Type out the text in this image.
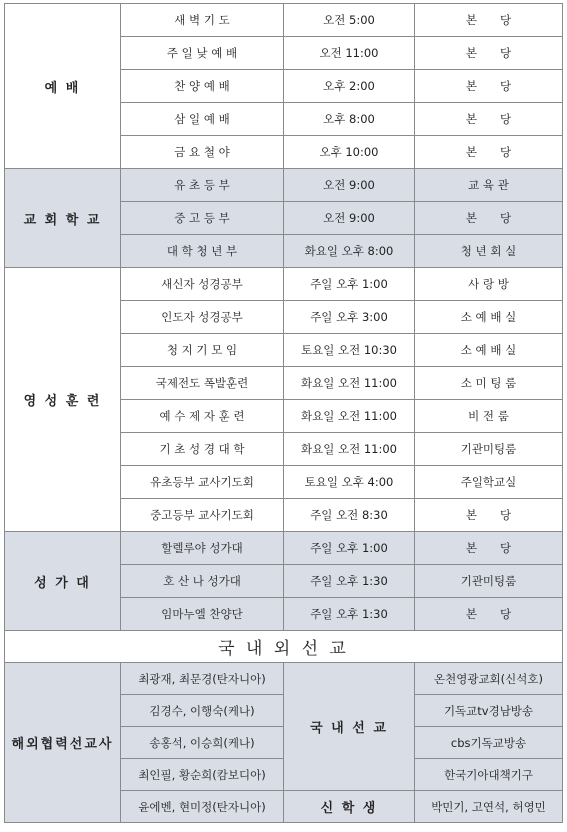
예 배	새 벽 기 도	오전 5:00	본　　당
	주 일 낮 예 배	오전 11:00	본　　당
	찬 양 예 배	오후 2:00	본　　당
	삼 일 예 배	오후 8:00	본　　당
	금 요 철 야	오후 10:00	본　　당
교 회 학 교	유 초 등 부	오전 9:00	교 육 관
	중 고 등 부	오전 9:00	본　　당
	대 학 청 년 부	화요일 오후 8:00	청 년 회 실
영 성 훈 련	새신자 성경공부	주일 오후 1:00	사 랑 방
	인도자 성경공부	주일 오후 3:00	소 예 배 실
	청 지 기 모 임	토요일 오전 10:30	소 예 배 실
	국제전도 폭발훈련	화요일 오전 11:00	소 미 팅 룸
	예 수 제 자 훈 련	화요일 오전 11:00	비 전 룸
	기 초 성 경 대 학	화요일 오전 11:00	기관미팅룸
	유초등부 교사기도회	토요일 오후 4:00	주일학교실
	중고등부 교사기도회	주일 오전 8:30	본　　당
성 가 대	할렐루야 성가대	주일 오후 1:00	본　　당
	호 산 나 성가대	주일 오후 1:30	기관미팅룸
	임마누엘 찬양단	주일 오후 1:30	본　　당
국 내 외 선 교			
해외협력선교사	최광재, 최문경(탄자니아)	국 내 선 교	온천영광교회(신석호)
	김경수, 이행숙(케나)		기독교tv경남방송
	송홍석, 이승희(케나)		cbs기독교방송
	최인필, 황순희(캄보디아)		한국기아대책기구
	윤에벤, 현미정(탄자니아)	신 학 생	박민기, 고연석, 허영민
